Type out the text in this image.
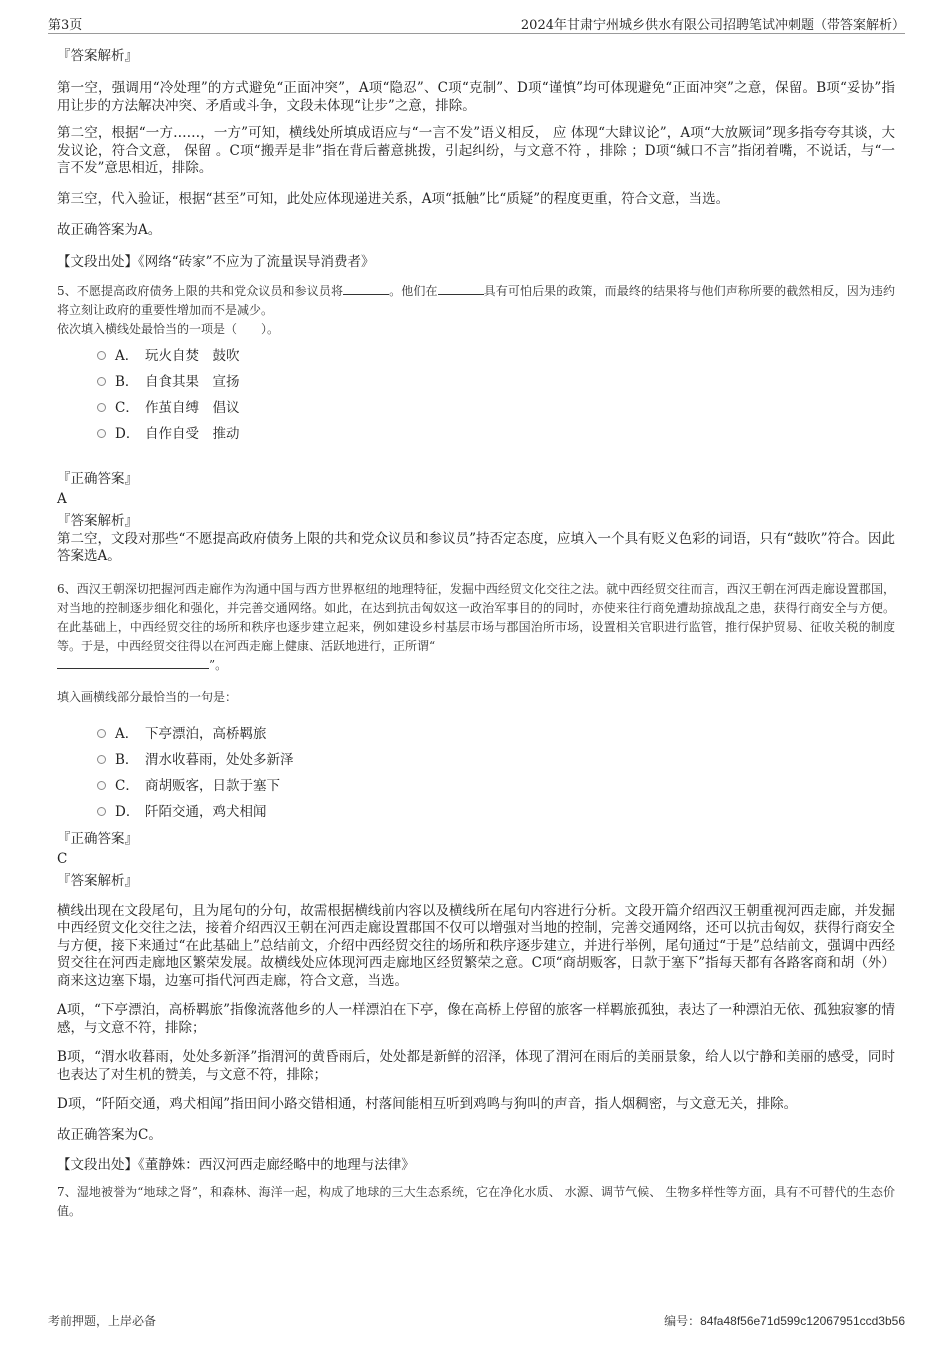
第3页	2024年甘肃宁州城乡供水有限公司招聘笔试冲刺题（带答案解析）
『答案解析』

第一空，强调用“冷处理”的方式避免“正面冲突”，A项“隐忍”、C项“克制”、D项“谨慎”均可体现避免“正面冲突”之意，保留。B项“妥协”指用让步的方法解决冲突、矛盾或斗争，文段未体现“让步”之意，排除。

第二空，根据“一方……，一方”可知，横线处所填成语应与“一言不发”语义相反， 应 体现“大肆议论”，A项“大放厥词”现多指夸夸其谈，大发议论，符合文意， 保留 。C项“搬弄是非”指在背后蓄意挑拨，引起纠纷，与文意不符 ，排除 ；D项“缄口不言”指闭着嘴，不说话，与“一言不发”意思相近，排除。

第三空，代入验证，根据“甚至”可知，此处应体现递进关系，A项“抵触”比“质疑”的程度更重，符合文意，当选。

故正确答案为A。

【文段出处】《网络“砖家”不应为了流量误导消费者》

5、不愿提高政府债务上限的共和党众议员和参议员将	。他们在	具有可怕后果的政策，而最终的结果将与他们声称所要的截然相反，因为违约将立刻让政府的重要性增加而不是减少。

依次填入横线处最恰当的一项是（　　）。

A． 玩火自焚　鼓吹
B． 自食其果　宣扬
C． 作茧自缚　倡议
D． 自作自受　推动
『正确答案』
A
『答案解析』

第二空，文段对那些“不愿提高政府债务上限的共和党众议员和参议员”持否定态度，应填入一个具有贬义色彩的词语，只有“鼓吹”符合。因此答案选A。

6、西汉王朝深切把握河西走廊作为沟通中国与西方世界枢纽的地理特征，发掘中西经贸文化交往之法。就中西经贸交往而言，西汉王朝在河西走廊设置郡国，对当地的控制逐步细化和强化，并完善交通网络。如此，在达到抗击匈奴这一政治军事目的的同时，亦使来往行商免遭劫掠战乱之患，获得行商安全与方便。在此基础上，中西经贸交往的场所和秩序也逐步建立起来，例如建设乡村基层市场与郡国治所市场，设置相关官职进行监管，推行保护贸易、征收关税的制度等。于是，中西经贸交往得以在河西走廊上健康、活跃地进行，正所谓“
”。

填入画横线部分最恰当的一句是：

A． 下亭漂泊，高桥羁旅
B． 渭水收暮雨，处处多新泽
C． 商胡贩客，日款于塞下
D． 阡陌交通，鸡犬相闻
『正确答案』
C
『答案解析』

横线出现在文段尾句，且为尾句的分句，故需根据横线前内容以及横线所在尾句内容进行分析。文段开篇介绍西汉王朝重视河西走廊，并发掘中西经贸文化交往之法，接着介绍西汉王朝在河西走廊设置郡国不仅可以增强对当地的控制，完善交通网络，还可以抗击匈奴，获得行商安全与方便，接下来通过“在此基础上”总结前文，介绍中西经贸交往的场所和秩序逐步建立，并进行举例，尾句通过“于是”总结前文，强调中西经贸交往在河西走廊地区繁荣发展。故横线处应体现河西走廊地区经贸繁荣之意。C项“商胡贩客，日款于塞下”指每天都有各路客商和胡（外）商来这边塞下塌，边塞可指代河西走廊，符合文意，当选。

A项，“下亭漂泊，高桥羁旅”指像流落他乡的人一样漂泊在下亭，像在高桥上停留的旅客一样羁旅孤独，表达了一种漂泊无依、孤独寂寥的情感，与文意不符，排除；

B项，“渭水收暮雨，处处多新泽”指渭河的黄昏雨后，处处都是新鲜的沼泽，体现了渭河在雨后的美丽景象，给人以宁静和美丽的感受，同时也表达了对生机的赞美，与文意不符，排除；

D项，“阡陌交通，鸡犬相闻”指田间小路交错相通，村落间能相互听到鸡鸣与狗叫的声音，指人烟稠密，与文意无关，排除。

故正确答案为C。

【文段出处】《董静姝：西汉河西走廊经略中的地理与法律》

7、湿地被誉为“地球之肾”，和森林、海洋一起，构成了地球的三大生态系统，它在净化水质、 水源、调节气候、 生物多样性等方面，具有不可替代的生态价值。

考前押题，上岸必备	编号：84fa48f56e71d599c12067951ccd3b56
